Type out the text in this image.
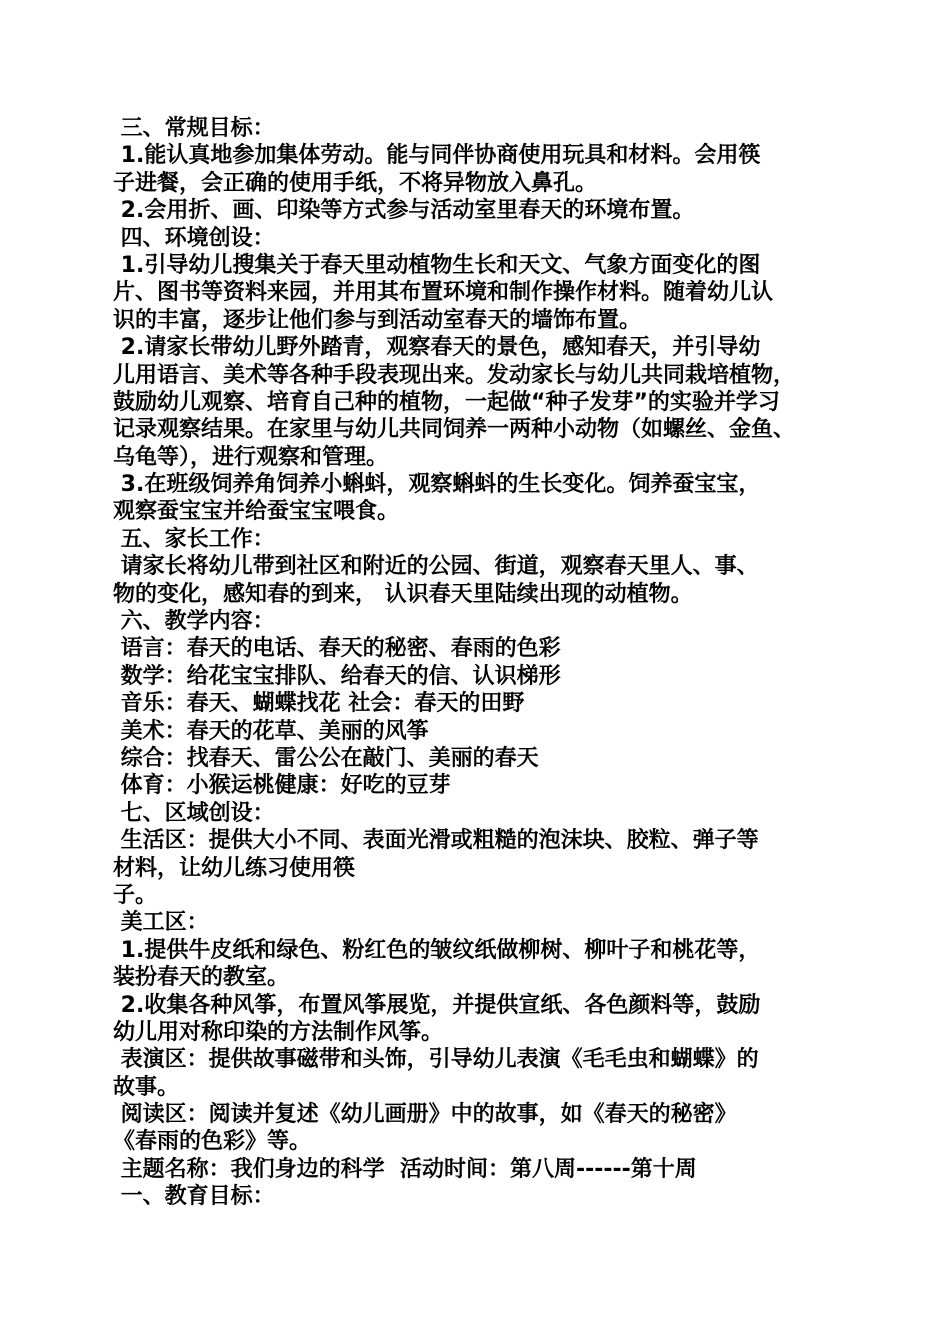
三、常规目标：
1.能认真地参加集体劳动。能与同伴协商使用玩具和材料。会用筷
子进餐，会正确的使用手纸，不将异物放入鼻孔。
2.会用折、画、印染等方式参与活动室里春天的环境布置。
四、环境创设：
1.引导幼儿搜集关于春天里动植物生长和天文、气象方面变化的图
片、图书等资料来园，并用其布置环境和制作操作材料。随着幼儿认
识的丰富，逐步让他们参与到活动室春天的墙饰布置。
2.请家长带幼儿野外踏青，观察春天的景色，感知春天，并引导幼
儿用语言、美术等各种手段表现出来。发动家长与幼儿共同栽培植物，
鼓励幼儿观察、培育自己种的植物，一起做“种子发芽”的实验并学习
记录观察结果。在家里与幼儿共同饲养一两种小动物（如螺丝、金鱼、
乌龟等），进行观察和管理。
3.在班级饲养角饲养小蝌蚪，观察蝌蚪的生长变化。饲养蚕宝宝，
观察蚕宝宝并给蚕宝宝喂食。
五、家长工作：
请家长将幼儿带到社区和附近的公园、街道，观察春天里人、事、
物的变化，感知春的到来， 认识春天里陆续出现的动植物。
六、教学内容：
语言：春天的电话、春天的秘密、春雨的色彩
数学：给花宝宝排队、给春天的信、认识梯形
音乐：春天、蝴蝶找花 社会：春天的田野
美术：春天的花草、美丽的风筝
综合：找春天、雷公公在敲门、美丽的春天
体育：小猴运桃健康：好吃的豆芽
七、区域创设：
生活区：提供大小不同、表面光滑或粗糙的泡沫块、胶粒、弹子等
材料，让幼儿练习使用筷
子。
美工区：
1.提供牛皮纸和绿色、粉红色的皱纹纸做柳树、柳叶子和桃花等，
装扮春天的教室。
2.收集各种风筝，布置风筝展览，并提供宣纸、各色颜料等，鼓励
幼儿用对称印染的方法制作风筝。
表演区：提供故事磁带和头饰，引导幼儿表演《毛毛虫和蝴蝶》的
故事。
阅读区：阅读并复述《幼儿画册》中的故事，如《春天的秘密》
《春雨的色彩》等。
主题名称：我们身边的科学  活动时间：第八周------第十周
一、教育目标：
